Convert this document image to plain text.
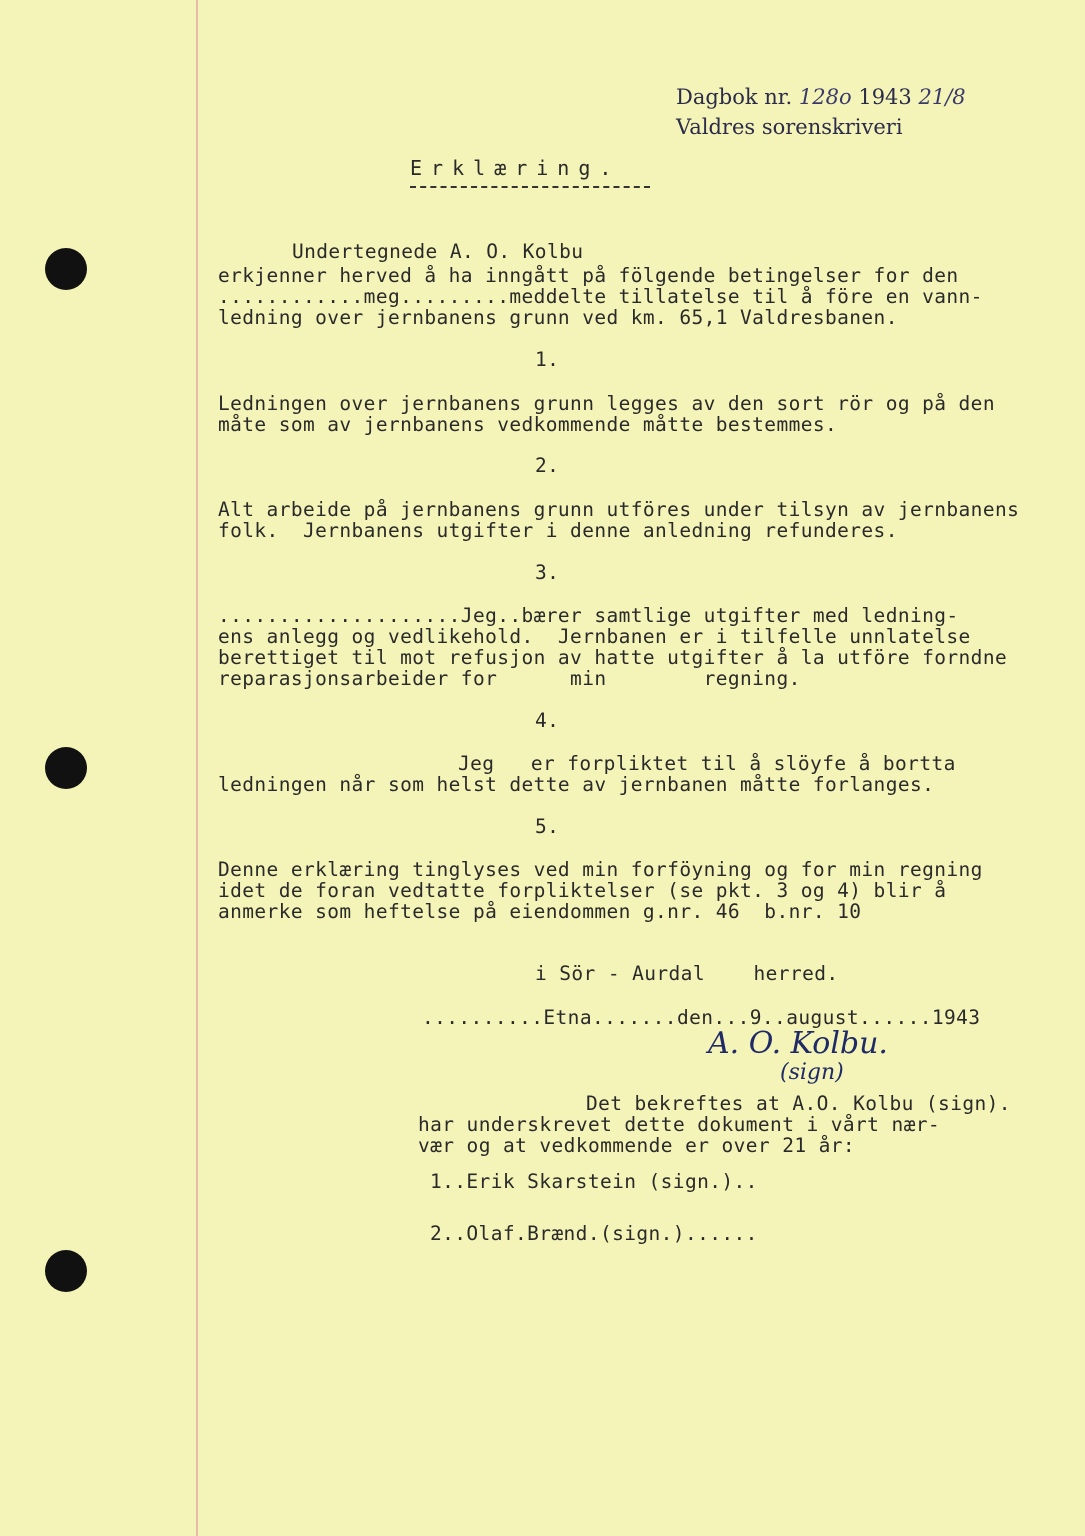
Dagbok nr. 128o 1943 21/8
Valdres sorenskriveri
Erklæring.
Undertegnede A. O. Kolbu
erkjenner herved å ha inngått på fölgende betingelser for den
............meg.........meddelte tillatelse til å före en vann-
ledning over jernbanens grunn ved km. 65,1 Valdresbanen.
1.
Ledningen over jernbanens grunn legges av den sort rör og på den
måte som av jernbanens vedkommende måtte bestemmes.
2.
Alt arbeide på jernbanens grunn utföres under tilsyn av jernbanens
folk.  Jernbanens utgifter i denne anledning refunderes.
3.
....................Jeg..bærer samtlige utgifter med ledning-
ens anlegg og vedlikehold.  Jernbanen er i tilfelle unnlatelse
berettiget til mot refusjon av hatte utgifter å la utföre forndne
reparasjonsarbeider for      min        regning.
4.
Jeg   er forpliktet til å slöyfe å bortta
ledningen når som helst dette av jernbanen måtte forlanges.
5.
Denne erklæring tinglyses ved min forföyning og for min regning
idet de foran vedtatte forpliktelser (se pkt. 3 og 4) blir å
anmerke som heftelse på eiendommen g.nr. 46  b.nr. 10
i Sör - Aurdal    herred.
..........Etna.......den...9..august......1943
A. O. Kolbu.
(sign)
Det bekreftes at A.O. Kolbu (sign).
har underskrevet dette dokument i vårt nær-
vær og at vedkommende er over 21 år:
1..Erik Skarstein (sign.)..
2..Olaf.Brænd.(sign.)......
